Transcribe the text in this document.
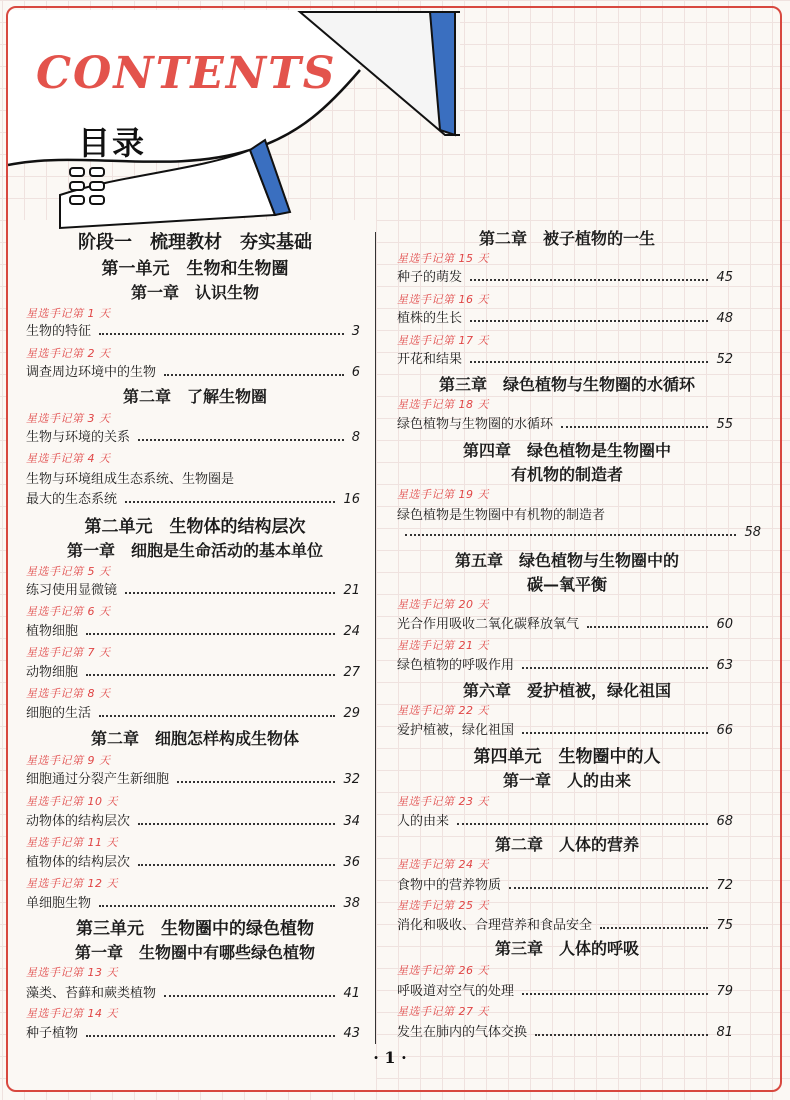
CONTENTS
目录
阶段一　梳理教材　夯实基础
第一单元　生物和生物圈
第一章　认识生物
星选手记第 1 天
生物的特征	3
星选手记第 2 天
调查周边环境中的生物	6
第二章　了解生物圈
星选手记第 3 天
生物与环境的关系	8
星选手记第 4 天
生物与环境组成生态系统、生物圈是
最大的生态系统	16
第二单元　生物体的结构层次
第一章　细胞是生命活动的基本单位
星选手记第 5 天
练习使用显微镜	21
星选手记第 6 天
植物细胞	24
星选手记第 7 天
动物细胞	27
星选手记第 8 天
细胞的生活	29
第二章　细胞怎样构成生物体
星选手记第 9 天
细胞通过分裂产生新细胞	32
星选手记第 10 天
动物体的结构层次	34
星选手记第 11 天
植物体的结构层次	36
星选手记第 12 天
单细胞生物	38
第三单元　生物圈中的绿色植物
第一章　生物圈中有哪些绿色植物
星选手记第 13 天
藻类、苔藓和蕨类植物	41
星选手记第 14 天
种子植物	43
第二章　被子植物的一生
星选手记第 15 天
种子的萌发	45
星选手记第 16 天
植株的生长	48
星选手记第 17 天
开花和结果	52
第三章　绿色植物与生物圈的水循环
星选手记第 18 天
绿色植物与生物圈的水循环	55
第四章　绿色植物是生物圈中
有机物的制造者
星选手记第 19 天
绿色植物是生物圈中有机物的制造者
58
第五章　绿色植物与生物圈中的
碳—氧平衡
星选手记第 20 天
光合作用吸收二氧化碳释放氧气	60
星选手记第 21 天
绿色植物的呼吸作用	63
第六章　爱护植被，绿化祖国
星选手记第 22 天
爱护植被，绿化祖国	66
第四单元　生物圈中的人
第一章　人的由来
星选手记第 23 天
人的由来	68
第二章　人体的营养
星选手记第 24 天
食物中的营养物质	72
星选手记第 25 天
消化和吸收、合理营养和食品安全	75
第三章　人体的呼吸
星选手记第 26 天
呼吸道对空气的处理	79
星选手记第 27 天
发生在肺内的气体交换	81
· 1 ·
